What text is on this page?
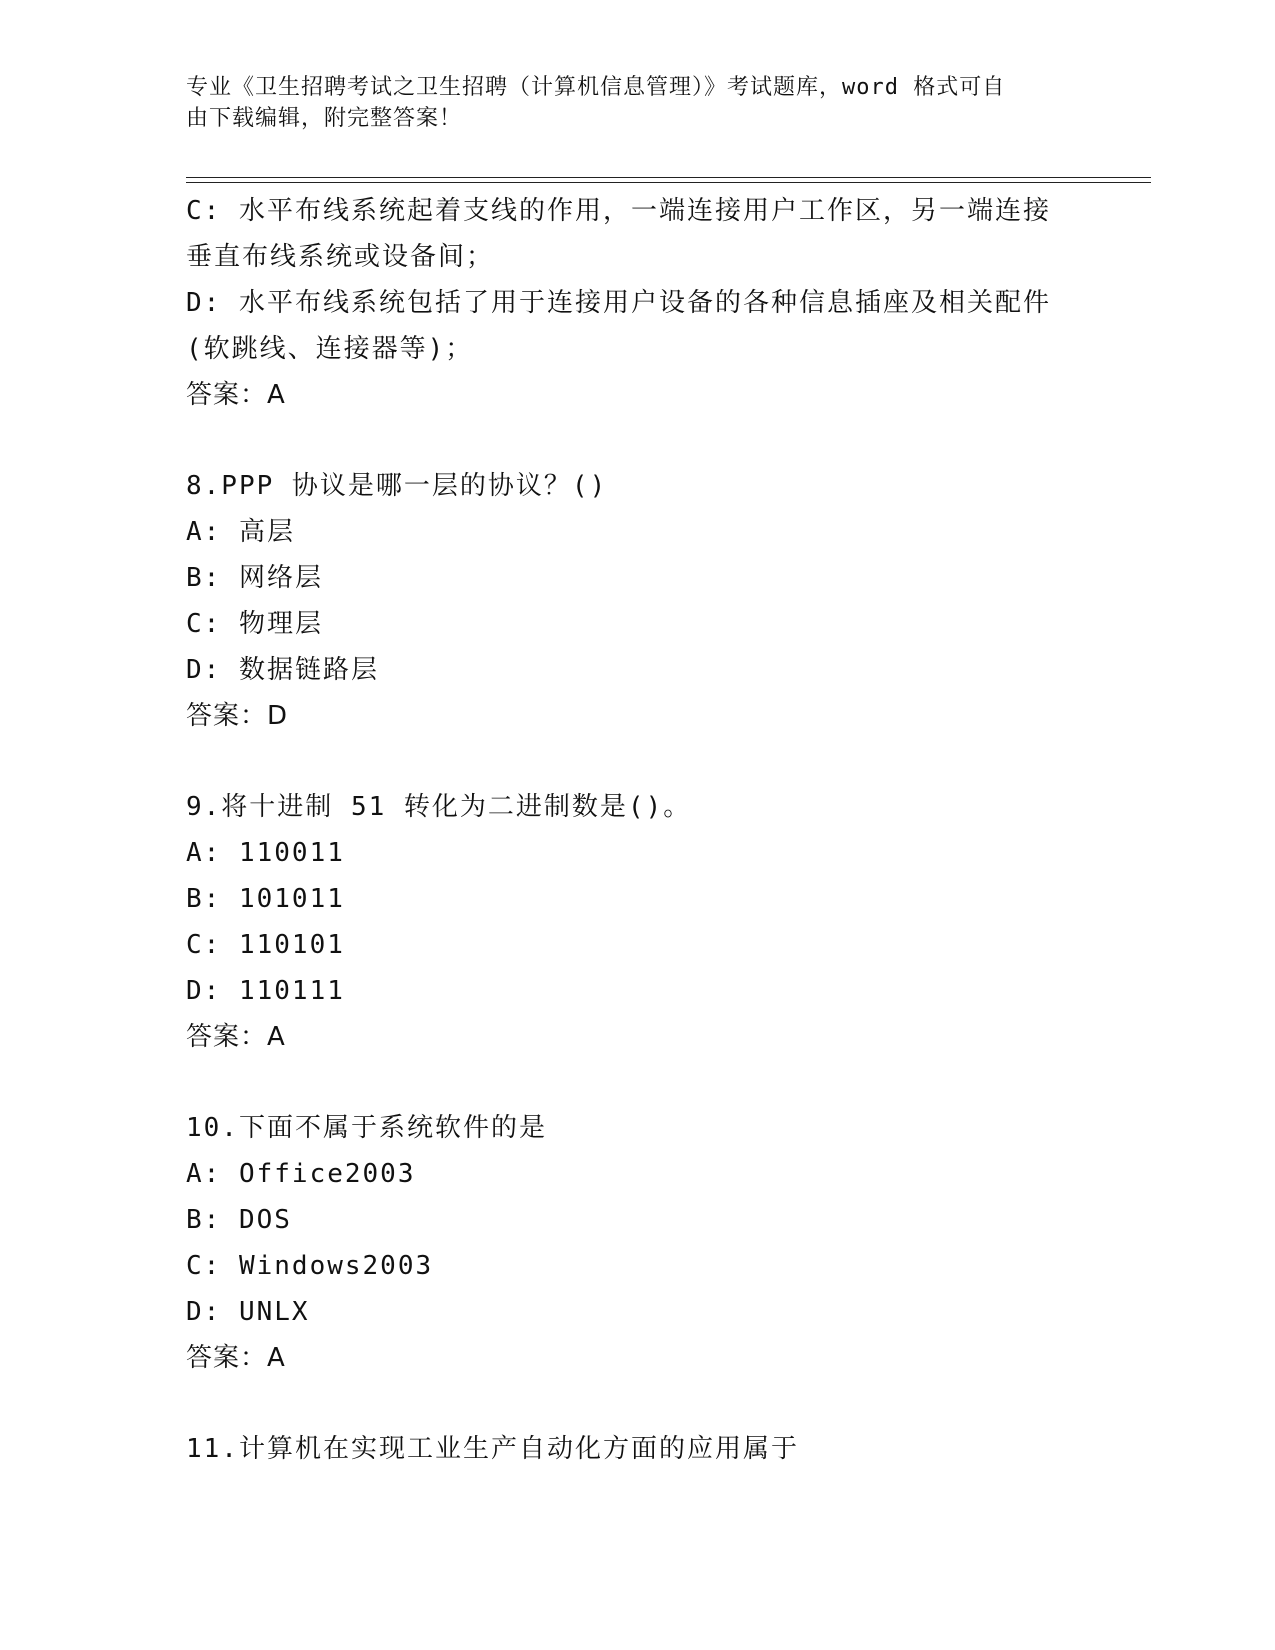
专业《卫生招聘考试之卫生招聘（计算机信息管理）》考试题库，word 格式可自
由下载编辑，附完整答案！
C: 水平布线系统起着支线的作用，一端连接用户工作区，另一端连接
垂直布线系统或设备间；
D: 水平布线系统包括了用于连接用户设备的各种信息插座及相关配件
(软跳线、连接器等)；
答案：A
8.PPP 协议是哪一层的协议？()
A: 高层
B: 网络层
C: 物理层
D: 数据链路层
答案：D
9.将十进制 51 转化为二进制数是()。
A: 110011
B: 101011
C: 110101
D: 110111
答案：A
10.下面不属于系统软件的是
A: Office2003
B: DOS
C: Windows2003
D: UNLX
答案：A
11.计算机在实现工业生产自动化方面的应用属于
